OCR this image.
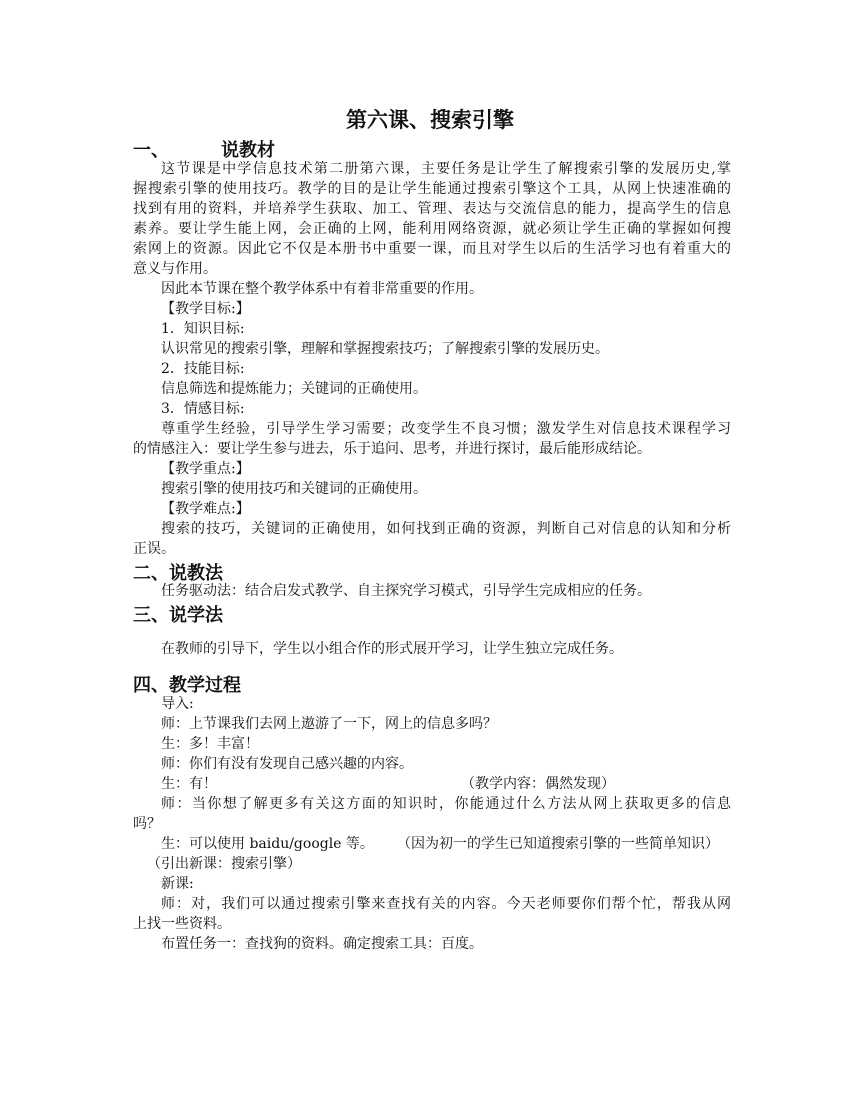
第六课、搜索引擎
一、	说教材
这节课是中学信息技术第二册第六课，主要任务是让学生了解搜索引擎的发展历史,掌
握搜索引擎的使用技巧。教学的目的是让学生能通过搜索引擎这个工具，从网上快速准确的
找到有用的资料，并培养学生获取、加工、管理、表达与交流信息的能力，提高学生的信息
素养。要让学生能上网，会正确的上网，能利用网络资源，就必须让学生正确的掌握如何搜
索网上的资源。因此它不仅是本册书中重要一课，而且对学生以后的生活学习也有着重大的
意义与作用。
因此本节课在整个教学体系中有着非常重要的作用。
【教学目标:】
1．知识目标:
认识常见的搜索引擎，理解和掌握搜索技巧；了解搜索引擎的发展历史。
2．技能目标:
信息筛选和提炼能力；关键词的正确使用。
3．情感目标:
尊重学生经验，引导学生学习需要；改变学生不良习惯；激发学生对信息技术课程学习
的情感注入：要让学生参与进去，乐于追问、思考，并进行探讨，最后能形成结论。
【教学重点:】
搜索引擎的使用技巧和关键词的正确使用。
【教学难点:】
搜索的技巧，关键词的正确使用，如何找到正确的资源，判断自己对信息的认知和分析
正误。
二、说教法
任务驱动法：结合启发式教学、自主探究学习模式，引导学生完成相应的任务。
三、说学法
在教师的引导下，学生以小组合作的形式展开学习，让学生独立完成任务。
四、教学过程
导入:
师：上节课我们去网上遨游了一下，网上的信息多吗？
生：多！丰富！
师：你们有没有发现自己感兴趣的内容。
生：有！	（教学内容：偶然发现）
师：当你想了解更多有关这方面的知识时，你能通过什么方法从网上获取更多的信息
吗？
生：可以使用 baidu/google 等。	（因为初一的学生已知道搜索引擎的一些简单知识）
（引出新课：搜索引擎）
新课:
师：对，我们可以通过搜索引擎来查找有关的内容。今天老师要你们帮个忙，帮我从网
上找一些资料。
布置任务一：查找狗的资料。确定搜索工具：百度。
